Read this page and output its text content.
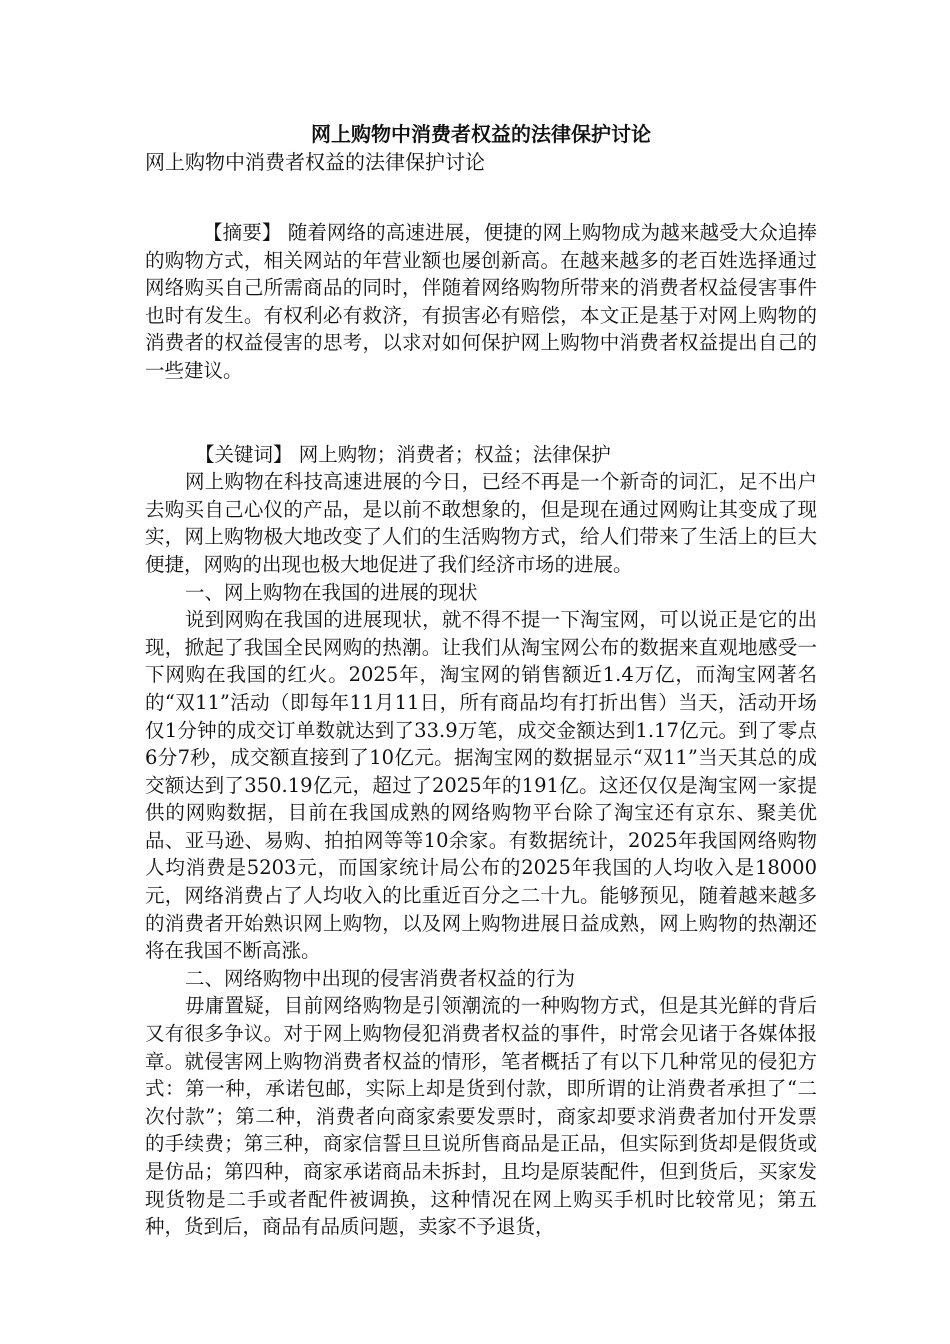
网上购物中消费者权益的法律保护讨论

网上购物中消费者权益的法律保护讨论

【摘要】 随着网络的高速进展，便捷的网上购物成为越来越受大众追捧的购物方式，相关网站的年营业额也屡创新高。在越来越多的老百姓选择通过网络购买自己所需商品的同时，伴随着网络购物所带来的消费者权益侵害事件也时有发生。有权利必有救济，有损害必有赔偿，本文正是基于对网上购物的消费者的权益侵害的思考，以求对如何保护网上购物中消费者权益提出自己的一些建议。

【关键词】 网上购物；消费者；权益；法律保护

网上购物在科技高速进展的今日，已经不再是一个新奇的词汇，足不出户去购买自己心仪的产品，是以前不敢想象的，但是现在通过网购让其变成了现实，网上购物极大地改变了人们的生活购物方式，给人们带来了生活上的巨大便捷，网购的出现也极大地促进了我们经济市场的进展。

一、网上购物在我国的进展的现状

说到网购在我国的进展现状，就不得不提一下淘宝网，可以说正是它的出现，掀起了我国全民网购的热潮。让我们从淘宝网公布的数据来直观地感受一下网购在我国的红火。2025年，淘宝网的销售额近1.4万亿，而淘宝网著名的“双11”活动（即每年11月11日，所有商品均有打折出售）当天，活动开场仅1分钟的成交订单数就达到了33.9万笔，成交金额达到1.17亿元。到了零点6分7秒，成交额直接到了10亿元。据淘宝网的数据显示“双11”当天其总的成交额达到了350.19亿元，超过了2025年的191亿。这还仅仅是淘宝网一家提供的网购数据，目前在我国成熟的网络购物平台除了淘宝还有京东、聚美优品、亚马逊、易购、拍拍网等等10余家。有数据统计，2025年我国网络购物人均消费是5203元，而国家统计局公布的2025年我国的人均收入是18000元，网络消费占了人均收入的比重近百分之二十九。能够预见，随着越来越多的消费者开始熟识网上购物，以及网上购物进展日益成熟，网上购物的热潮还将在我国不断高涨。

二、网络购物中出现的侵害消费者权益的行为

毋庸置疑，目前网络购物是引领潮流的一种购物方式，但是其光鲜的背后又有很多争议。对于网上购物侵犯消费者权益的事件，时常会见诸于各媒体报章。就侵害网上购物消费者权益的情形，笔者概括了有以下几种常见的侵犯方式：第一种，承诺包邮，实际上却是货到付款，即所谓的让消费者承担了“二次付款”；第二种，消费者向商家索要发票时，商家却要求消费者加付开发票的手续费；第三种，商家信誓旦旦说所售商品是正品，但实际到货却是假货或是仿品；第四种，商家承诺商品未拆封，且均是原装配件，但到货后，买家发现货物是二手或者配件被调换，这种情况在网上购买手机时比较常见；第五种，货到后，商品有品质问题，卖家不予退货，
